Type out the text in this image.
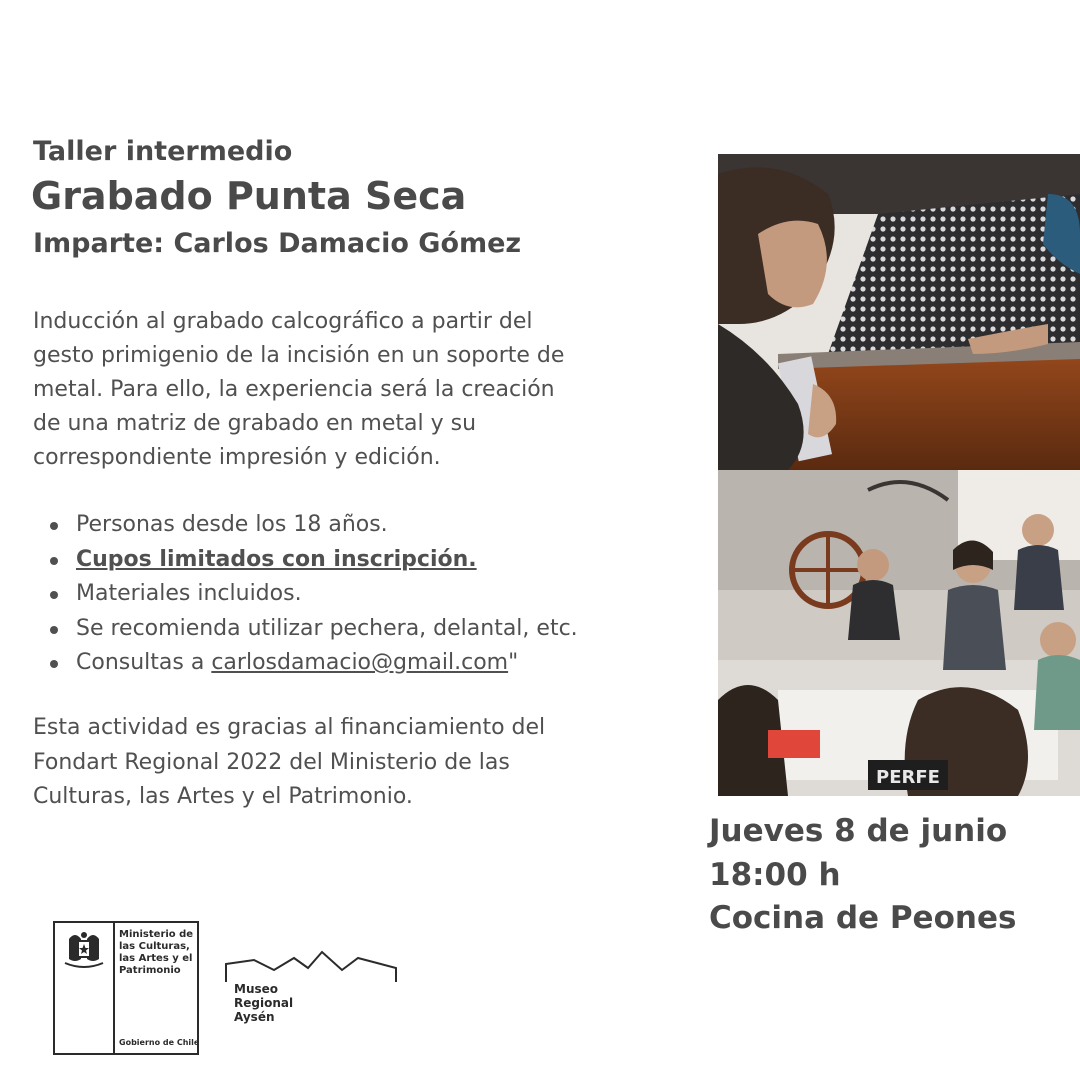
Taller intermedio
Grabado Punta Seca
Imparte: Carlos Damacio Gómez

Inducción al grabado calcográfico a partir del

gesto primigenio de la incisión en un soporte de

metal. Para ello, la experiencia será la creación

de una matriz de grabado en metal y su

correspondiente impresión y edición.

Personas desde los 18 años.
Cupos limitados con inscripción.
Materiales incluidos.
Se recomienda utilizar pechera, delantal, etc.
Consultas a carlosdamacio@gmail.com"

Esta actividad es gracias al financiamiento del

Fondart Regional 2022 del Ministerio de las

Culturas, las Artes y el Patrimonio.

PERFE
Jueves 8 de junio
18:00 h
Cocina de Peones
Ministerio de
las Culturas,
las Artes y el
Patrimonio
Gobierno de Chile
Museo
Regional
Aysén
